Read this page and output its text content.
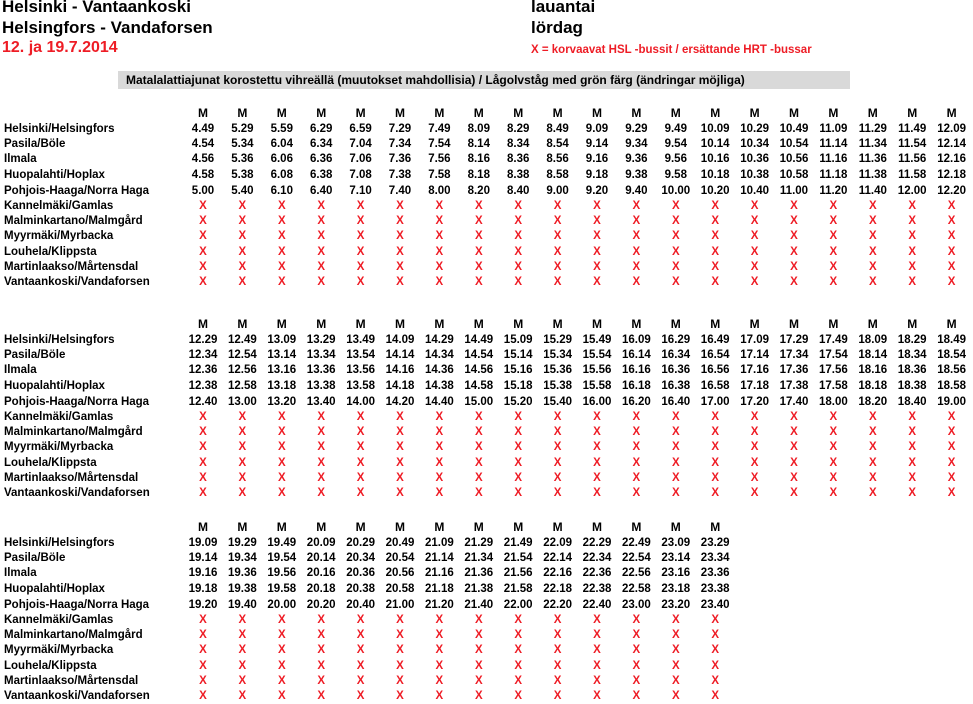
Helsinki - Vantaankoski
Helsingfors - Vandaforsen
12. ja 19.7.2014
lauantai
lördag
X = korvaavat HSL -bussit / ersättande HRT -bussar
Matalalattiajunat korostettu vihreällä (muutokset mahdollisia) / Lågolvståg med grön färg (ändringar möjliga)
M	M	M	M	M	M	M	M	M	M	M	M	M	M	M	M	M	M	M	M
Helsinki/Helsingfors	4.49	5.29	5.59	6.29	6.59	7.29	7.49	8.09	8.29	8.49	9.09	9.29	9.49	10.09 10.29 10.49 11.09 11.29 11.49 12.09
Pasila/Böle	4.54	5.34	6.04	6.34	7.04	7.34	7.54	8.14	8.34	8.54	9.14	9.34	9.54	10.14 10.34 10.54 11.14 11.34 11.54 12.14
Ilmala	4.56	5.36	6.06	6.36	7.06	7.36	7.56	8.16	8.36	8.56	9.16	9.36	9.56	10.16 10.36 10.56 11.16 11.36 11.56 12.16
Huopalahti/Hoplax	4.58	5.38	6.08	6.38	7.08	7.38	7.58	8.18	8.38	8.58	9.18	9.38	9.58	10.18 10.38 10.58 11.18 11.38 11.58 12.18
Pohjois-Haaga/Norra Haga	5.00	5.40	6.10	6.40	7.10	7.40	8.00	8.20	8.40	9.00	9.20	9.40	10.00 10.20 10.40 11.00 11.20 11.40 12.00 12.20
Kannelmäki/Gamlas	X	X	X	X	X	X	X	X	X	X	X	X	X	X	X	X	X	X	X	X
Malminkartano/Malmgård	X	X	X	X	X	X	X	X	X	X	X	X	X	X	X	X	X	X	X	X
Myyrmäki/Myrbacka	X	X	X	X	X	X	X	X	X	X	X	X	X	X	X	X	X	X	X	X
Louhela/Klippsta	X	X	X	X	X	X	X	X	X	X	X	X	X	X	X	X	X	X	X	X
Martinlaakso/Mårtensdal	X	X	X	X	X	X	X	X	X	X	X	X	X	X	X	X	X	X	X	X
Vantaankoski/Vandaforsen	X	X	X	X	X	X	X	X	X	X	X	X	X	X	X	X	X	X	X	X
M	M	M	M	M	M	M	M	M	M	M	M	M	M	M	M	M	M	M	M
Helsinki/Helsingfors	12.29 12.49 13.09 13.29 13.49 14.09 14.29 14.49 15.09 15.29 15.49 16.09 16.29 16.49 17.09 17.29 17.49 18.09 18.29 18.49
Pasila/Böle	12.34 12.54 13.14 13.34 13.54 14.14 14.34 14.54 15.14 15.34 15.54 16.14 16.34 16.54 17.14 17.34 17.54 18.14 18.34 18.54
Ilmala	12.36 12.56 13.16 13.36 13.56 14.16 14.36 14.56 15.16 15.36 15.56 16.16 16.36 16.56 17.16 17.36 17.56 18.16 18.36 18.56
Huopalahti/Hoplax	12.38 12.58 13.18 13.38 13.58 14.18 14.38 14.58 15.18 15.38 15.58 16.18 16.38 16.58 17.18 17.38 17.58 18.18 18.38 18.58
Pohjois-Haaga/Norra Haga	12.40 13.00 13.20 13.40 14.00 14.20 14.40 15.00 15.20 15.40 16.00 16.20 16.40 17.00 17.20 17.40 18.00 18.20 18.40 19.00
Kannelmäki/Gamlas	X	X	X	X	X	X	X	X	X	X	X	X	X	X	X	X	X	X	X	X
Malminkartano/Malmgård	X	X	X	X	X	X	X	X	X	X	X	X	X	X	X	X	X	X	X	X
Myyrmäki/Myrbacka	X	X	X	X	X	X	X	X	X	X	X	X	X	X	X	X	X	X	X	X
Louhela/Klippsta	X	X	X	X	X	X	X	X	X	X	X	X	X	X	X	X	X	X	X	X
Martinlaakso/Mårtensdal	X	X	X	X	X	X	X	X	X	X	X	X	X	X	X	X	X	X	X	X
Vantaankoski/Vandaforsen	X	X	X	X	X	X	X	X	X	X	X	X	X	X	X	X	X	X	X	X
M	M	M	M	M	M	M	M	M	M	M	M	M	M
Helsinki/Helsingfors	19.09 19.29 19.49 20.09 20.29 20.49 21.09 21.29 21.49 22.09 22.29 22.49 23.09 23.29
Pasila/Böle	19.14 19.34 19.54 20.14 20.34 20.54 21.14 21.34 21.54 22.14 22.34 22.54 23.14 23.34
Ilmala	19.16 19.36 19.56 20.16 20.36 20.56 21.16 21.36 21.56 22.16 22.36 22.56 23.16 23.36
Huopalahti/Hoplax	19.18 19.38 19.58 20.18 20.38 20.58 21.18 21.38 21.58 22.18 22.38 22.58 23.18 23.38
Pohjois-Haaga/Norra Haga	19.20 19.40 20.00 20.20 20.40 21.00 21.20 21.40 22.00 22.20 22.40 23.00 23.20 23.40
Kannelmäki/Gamlas	X	X	X	X	X	X	X	X	X	X	X	X	X	X
Malminkartano/Malmgård	X	X	X	X	X	X	X	X	X	X	X	X	X	X
Myyrmäki/Myrbacka	X	X	X	X	X	X	X	X	X	X	X	X	X	X
Louhela/Klippsta	X	X	X	X	X	X	X	X	X	X	X	X	X	X
Martinlaakso/Mårtensdal	X	X	X	X	X	X	X	X	X	X	X	X	X	X
Vantaankoski/Vandaforsen	X	X	X	X	X	X	X	X	X	X	X	X	X	X
